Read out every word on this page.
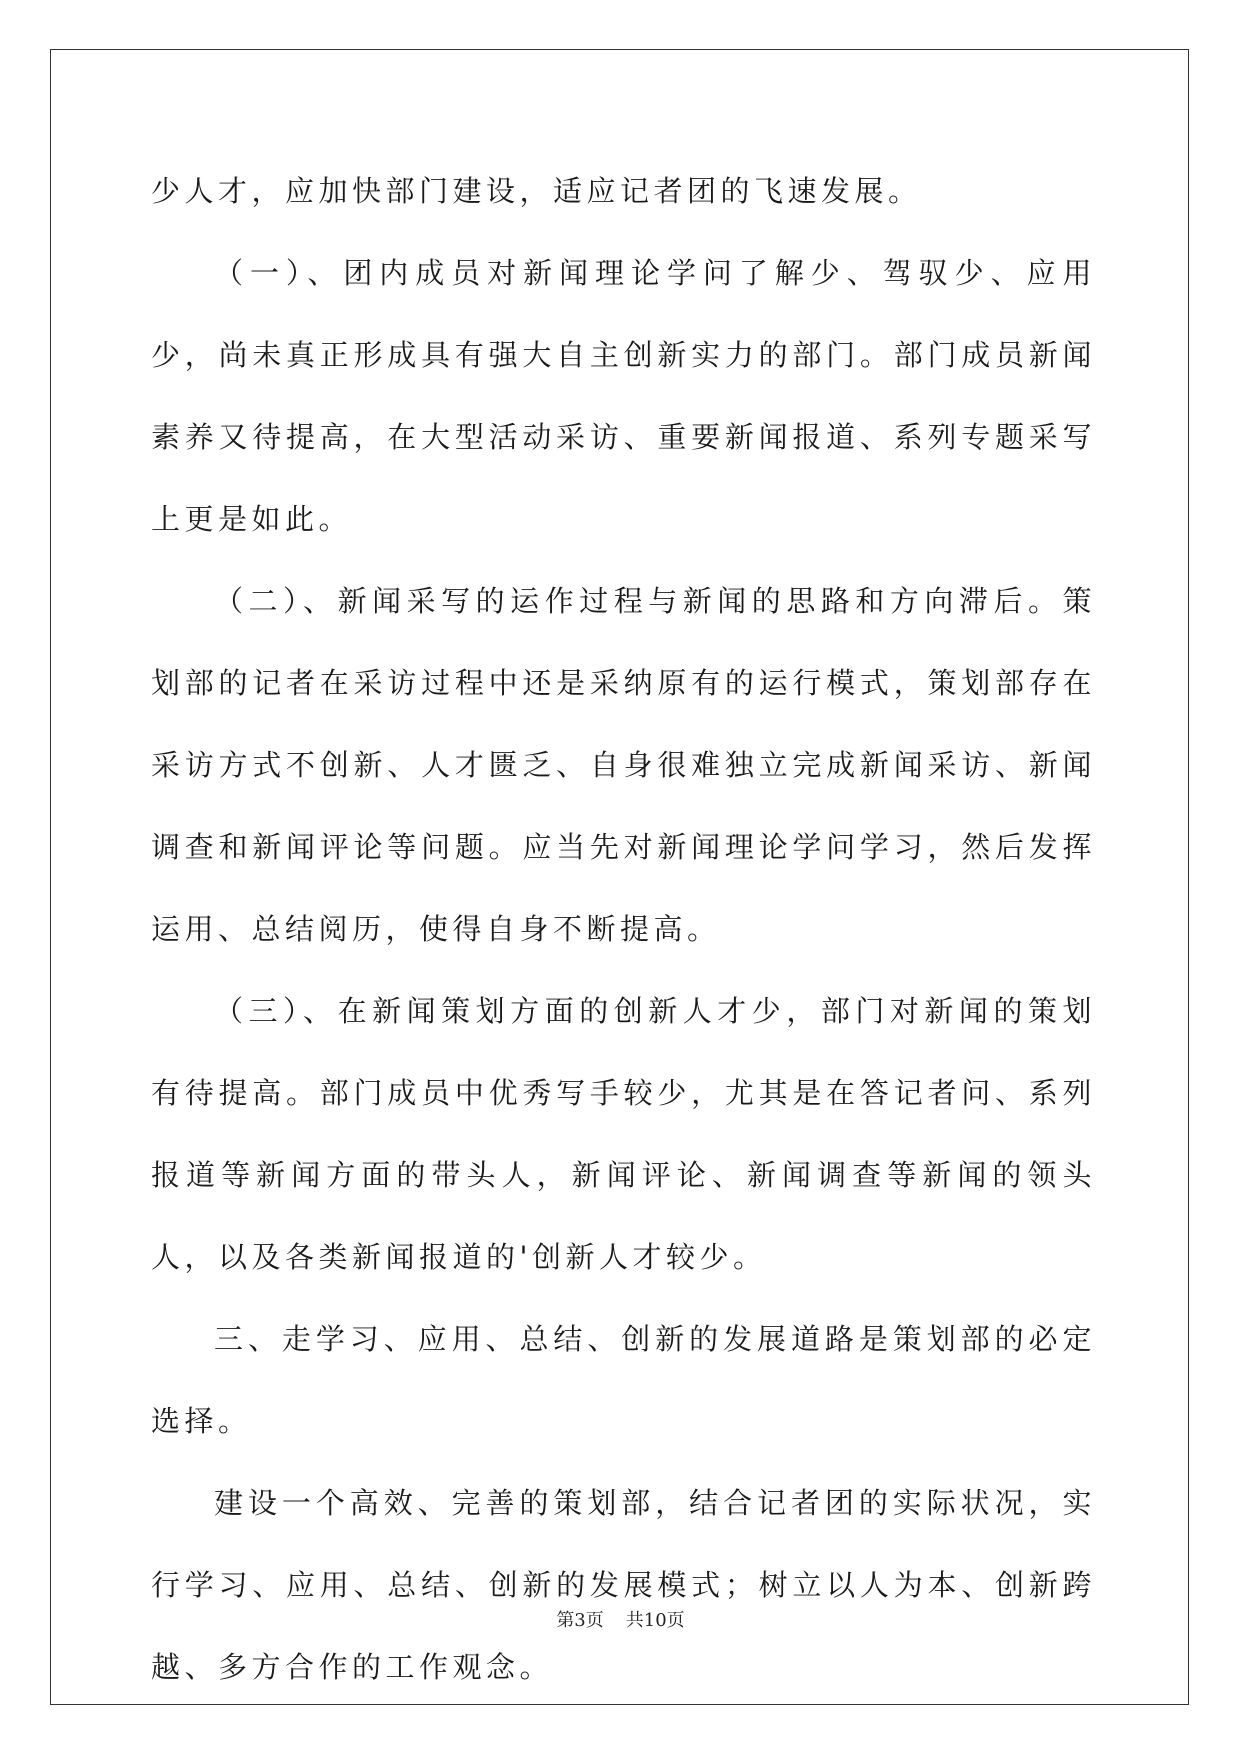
少人才，应加快部门建设，适应记者团的飞速发展。

（一）、团内成员对新闻理论学问了解少、驾驭少、应用少，尚未真正形成具有强大自主创新实力的部门。部门成员新闻素养又待提高，在大型活动采访、重要新闻报道、系列专题采写上更是如此。

（二）、新闻采写的运作过程与新闻的思路和方向滞后。策划部的记者在采访过程中还是采纳原有的运行模式，策划部存在采访方式不创新、人才匮乏、自身很难独立完成新闻采访、新闻调查和新闻评论等问题。应当先对新闻理论学问学习，然后发挥运用、总结阅历，使得自身不断提高。

（三）、在新闻策划方面的创新人才少，部门对新闻的策划有待提高。部门成员中优秀写手较少，尤其是在答记者问、系列报道等新闻方面的带头人，新闻评论、新闻调查等新闻的领头人，以及各类新闻报道的'创新人才较少。

三、走学习、应用、总结、创新的发展道路是策划部的必定选择。

建设一个高效、完善的策划部，结合记者团的实际状况，实行学习、应用、总结、创新的发展模式；树立以人为本、创新跨越、多方合作的工作观念。

第3页 共10页
